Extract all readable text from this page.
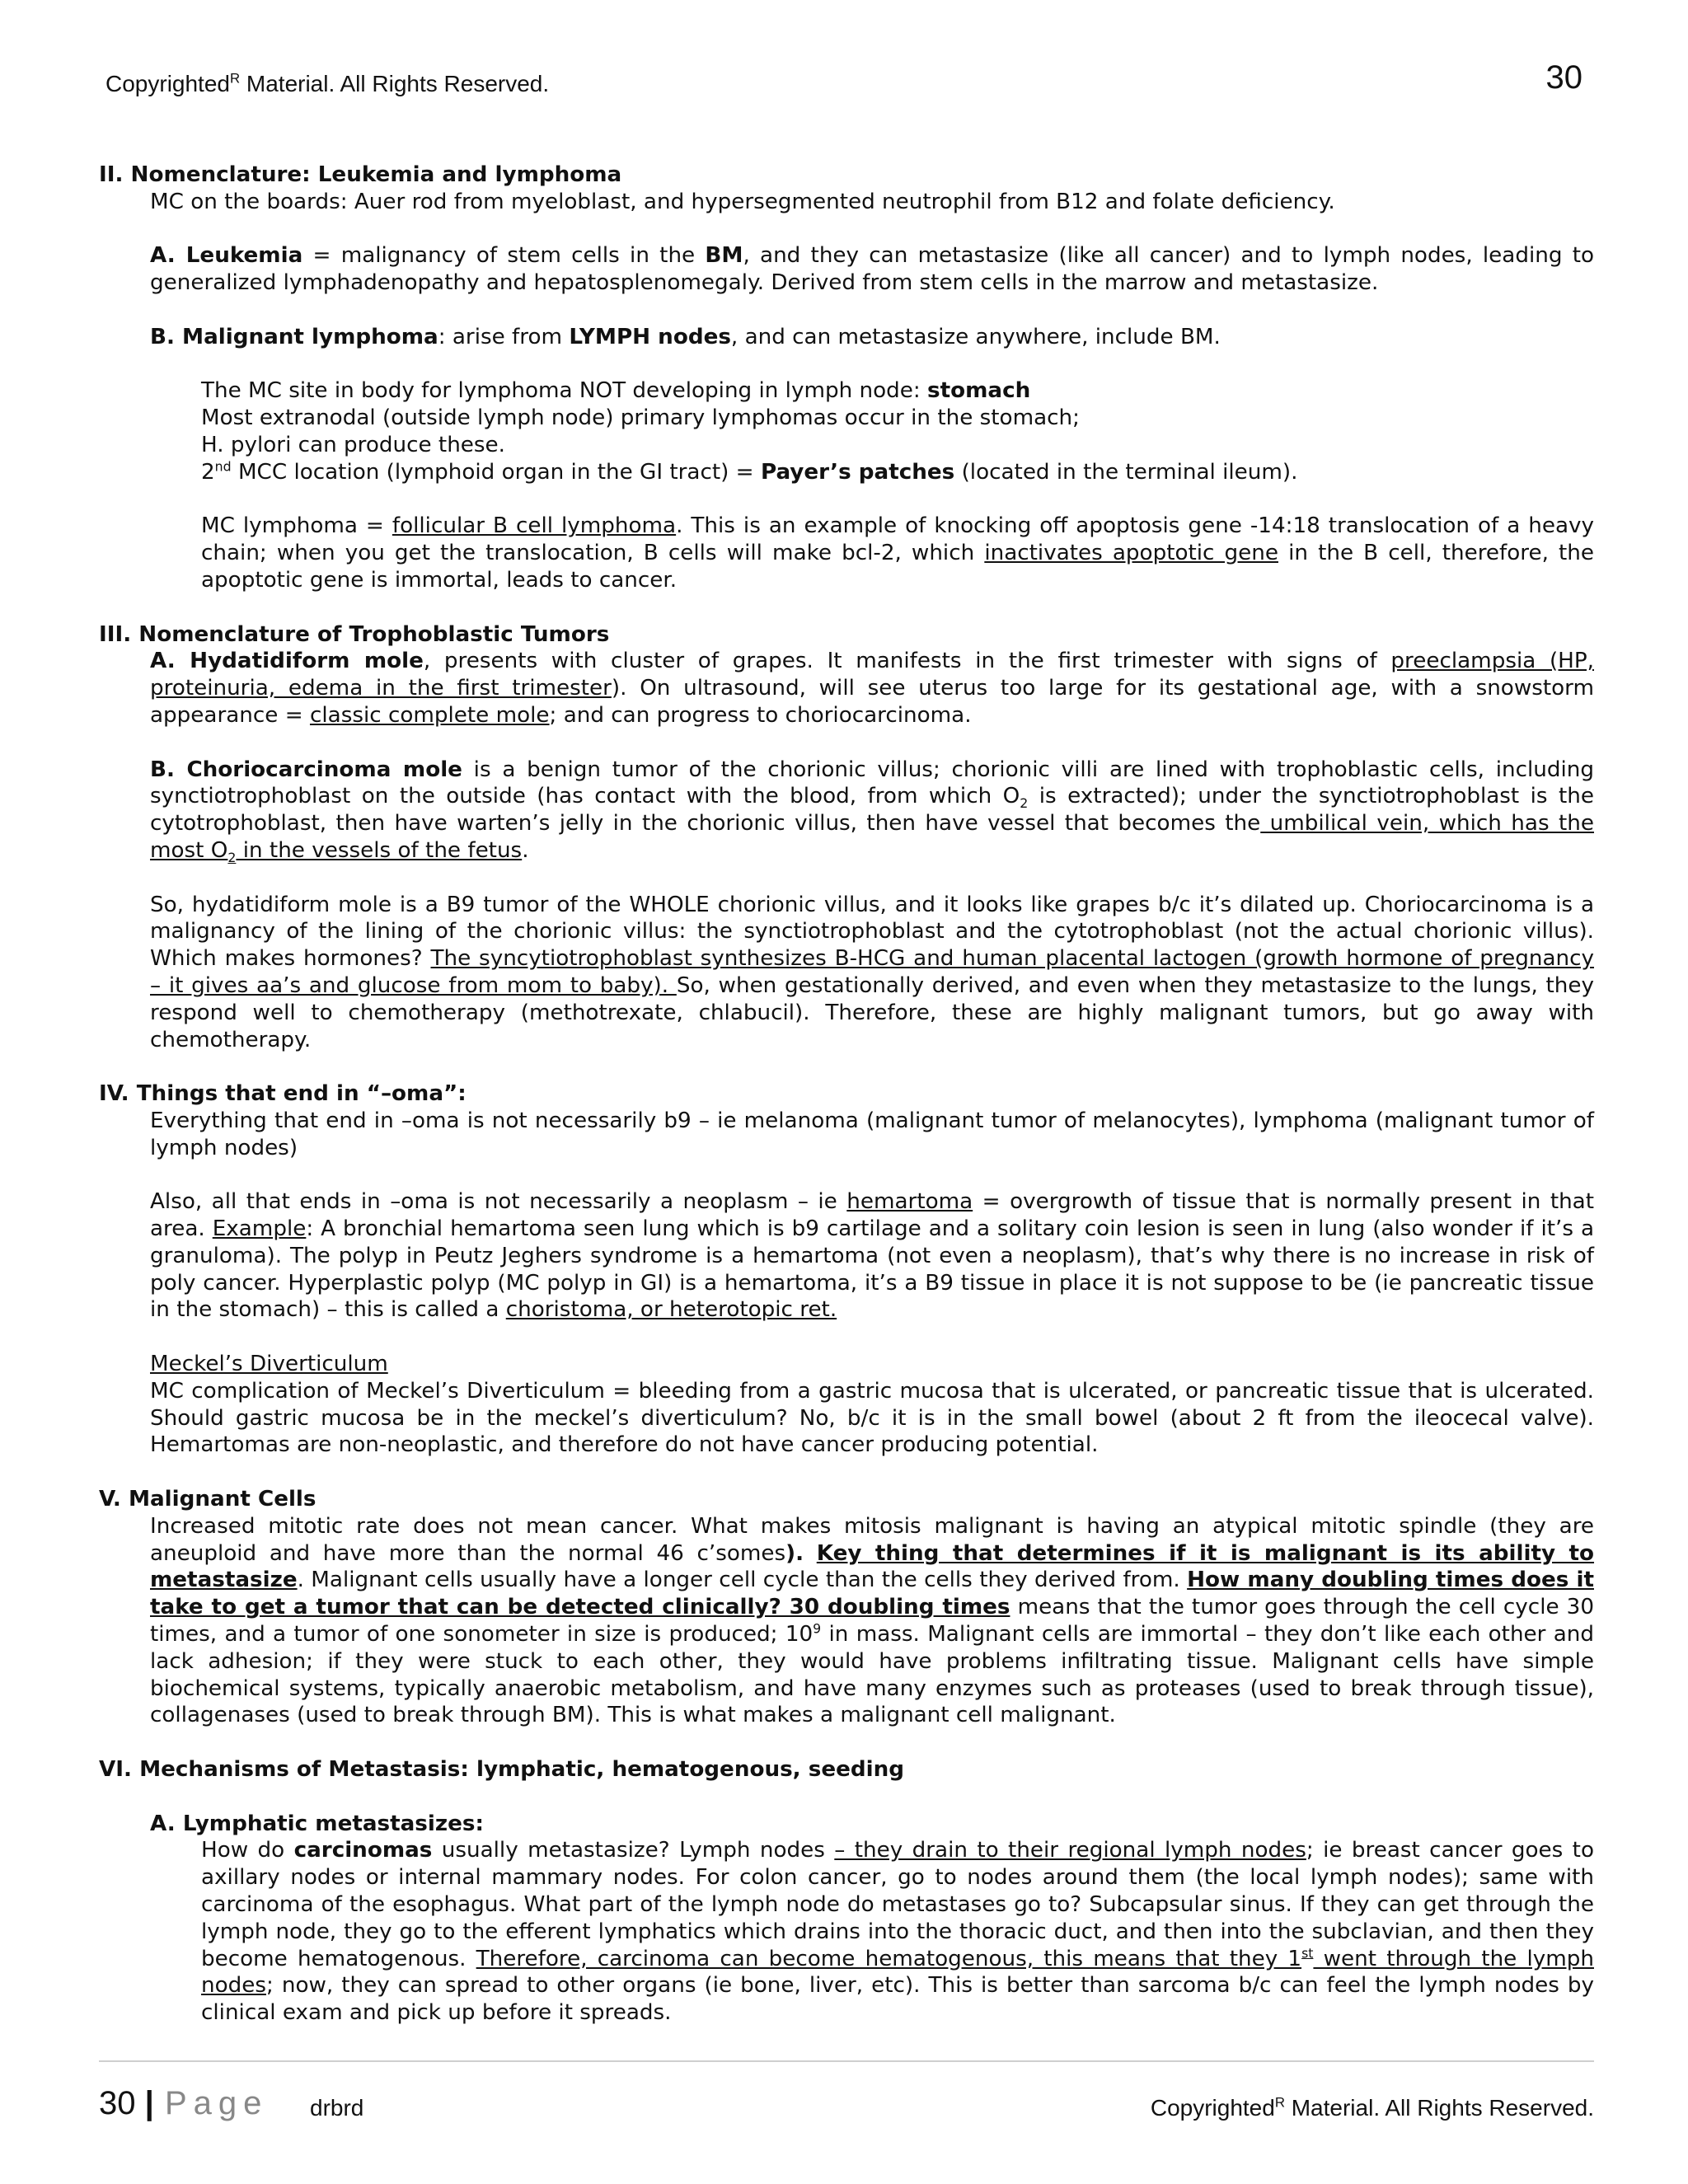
Copyrighted$^R$ Material. All Rights Reserved.	30

II. Nomenclature: Leukemia and lymphoma

MC on the boards: Auer rod from myeloblast, and hypersegmented neutrophil from B12 and folate deficiency.

A. Leukemia = malignancy of stem cells in the BM, and they can metastasize (like all cancer) and to lymph nodes, leading to generalized lymphadenopathy and hepatosplenomegaly. Derived from stem cells in the marrow and metastasize.

B. Malignant lymphoma: arise from LYMPH nodes, and can metastasize anywhere, include BM.

The MC site in body for lymphoma NOT developing in lymph node: stomach

Most extranodal (outside lymph node) primary lymphomas occur in the stomach;

H. pylori can produce these.

2nd MCC location (lymphoid organ in the GI tract) = Payer’s patches (located in the terminal ileum).

MC lymphoma = follicular B cell lymphoma. This is an example of knocking off apoptosis gene -14:18 translocation of a heavy chain; when you get the translocation, B cells will make bcl-2, which inactivates apoptotic gene in the B cell, therefore, the apoptotic gene is immortal, leads to cancer.

III. Nomenclature of Trophoblastic Tumors

A. Hydatidiform mole, presents with cluster of grapes. It manifests in the first trimester with signs of preeclampsia (HP, proteinuria, edema in the first trimester). On ultrasound, will see uterus too large for its gestational age, with a snowstorm appearance = classic complete mole; and can progress to choriocarcinoma.

B. Choriocarcinoma mole is a benign tumor of the chorionic villus; chorionic villi are lined with trophoblastic cells, including synctiotrophoblast on the outside (has contact with the blood, from which $O_2$ is extracted); under the synctiotrophoblast is the cytotrophoblast, then have warten’s jelly in the chorionic villus, then have vessel that becomes the umbilical vein, which has the most $O_2$ in the vessels of the fetus.

So, hydatidiform mole is a B9 tumor of the WHOLE chorionic villus, and it looks like grapes b/c it’s dilated up. Choriocarcinoma is a malignancy of the lining of the chorionic villus: the synctiotrophoblast and the cytotrophoblast (not the actual chorionic villus). Which makes hormones? The syncytiotrophoblast synthesizes B-HCG and human placental lactogen (growth hormone of pregnancy – it gives aa’s and glucose from mom to baby). So, when gestationally derived, and even when they metastasize to the lungs, they respond well to chemotherapy (methotrexate, chlabucil). Therefore, these are highly malignant tumors, but go away with chemotherapy.

IV. Things that end in “–oma”:

Everything that end in –oma is not necessarily b9 – ie melanoma (malignant tumor of melanocytes), lymphoma (malignant tumor of lymph nodes)

Also, all that ends in –oma is not necessarily a neoplasm – ie hemartoma = overgrowth of tissue that is normally present in that area. Example: A bronchial hemartoma seen lung which is b9 cartilage and a solitary coin lesion is seen in lung (also wonder if it’s a granuloma). The polyp in Peutz Jeghers syndrome is a hemartoma (not even a neoplasm), that’s why there is no increase in risk of poly cancer. Hyperplastic polyp (MC polyp in GI) is a hemartoma, it’s a B9 tissue in place it is not suppose to be (ie pancreatic tissue in the stomach) – this is called a choristoma, or heterotopic ret.

Meckel’s Diverticulum

MC complication of Meckel’s Diverticulum = bleeding from a gastric mucosa that is ulcerated, or pancreatic tissue that is ulcerated. Should gastric mucosa be in the meckel’s diverticulum? No, b/c it is in the small bowel (about 2 ft from the ileocecal valve). Hemartomas are non-neoplastic, and therefore do not have cancer producing potential.

V. Malignant Cells

Increased mitotic rate does not mean cancer. What makes mitosis malignant is having an atypical mitotic spindle (they are aneuploid and have more than the normal 46 c’somes). Key thing that determines if it is malignant is its ability to metastasize. Malignant cells usually have a longer cell cycle than the cells they derived from. How many doubling times does it take to get a tumor that can be detected clinically? 30 doubling times means that the tumor goes through the cell cycle 30 times, and a tumor of one sonometer in size is produced; $10^9$ in mass. Malignant cells are immortal – they don’t like each other and lack adhesion; if they were stuck to each other, they would have problems infiltrating tissue. Malignant cells have simple biochemical systems, typically anaerobic metabolism, and have many enzymes such as proteases (used to break through tissue), collagenases (used to break through BM). This is what makes a malignant cell malignant.

VI. Mechanisms of Metastasis: lymphatic, hematogenous, seeding

A. Lymphatic metastasizes:

How do carcinomas usually metastasize? Lymph nodes – they drain to their regional lymph nodes; ie breast cancer goes to axillary nodes or internal mammary nodes. For colon cancer, go to nodes around them (the local lymph nodes); same with carcinoma of the esophagus. What part of the lymph node do metastases go to? Subcapsular sinus. If they can get through the lymph node, they go to the efferent lymphatics which drains into the thoracic duct, and then into the subclavian, and then they become hematogenous. Therefore, carcinoma can become hematogenous, this means that they 1st went through the lymph nodes; now, they can spread to other organs (ie bone, liver, etc). This is better than sarcoma b/c can feel the lymph nodes by clinical exam and pick up before it spreads.

30 | Page drbrd	Copyrighted$^R$ Material. All Rights Reserved.
